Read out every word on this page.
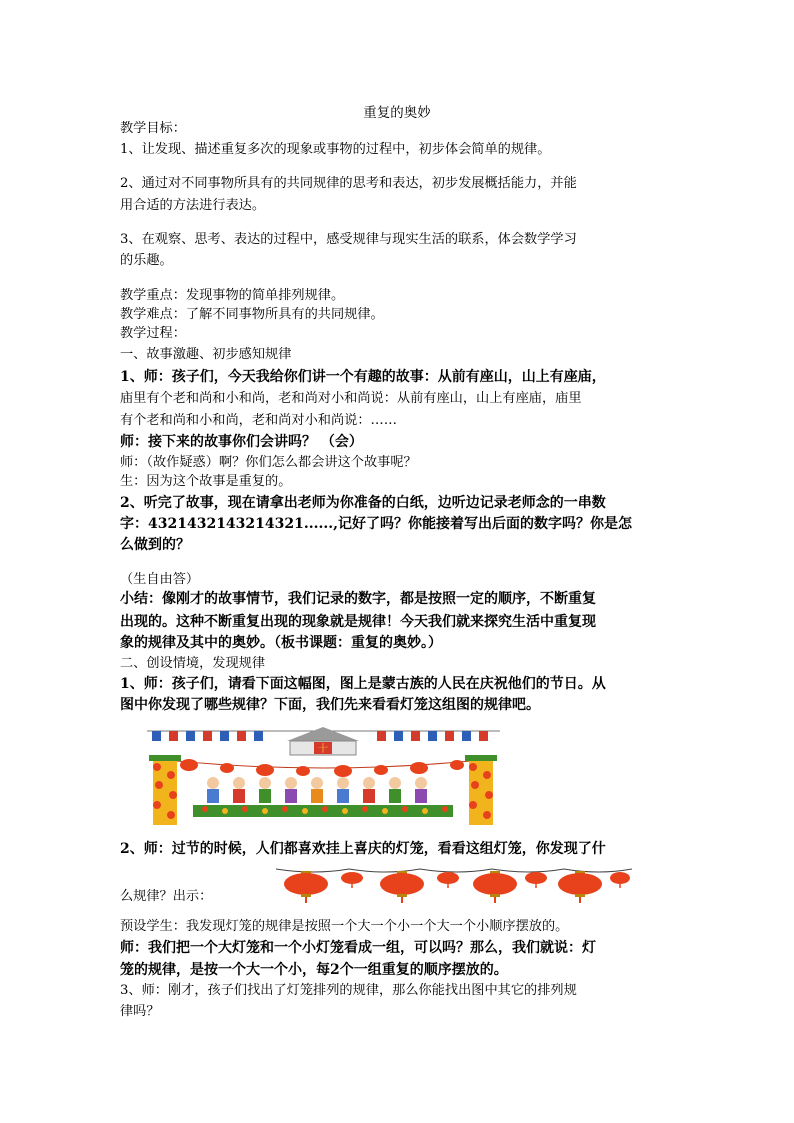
重复的奥妙
教学目标：
1、让发现、描述重复多次的现象或事物的过程中，初步体会简单的规律。
2、通过对不同事物所具有的共同规律的思考和表达，初步发展概括能力，并能
用合适的方法进行表达。
3、在观察、思考、表达的过程中，感受规律与现实生活的联系，体会数学学习
的乐趣。
教学重点：发现事物的简单排列规律。
教学难点：了解不同事物所具有的共同规律。
教学过程：
一、故事激趣、初步感知规律
1、师：孩子们，今天我给你们讲一个有趣的故事：从前有座山，山上有座庙，
庙里有个老和尚和小和尚，老和尚对小和尚说：从前有座山，山上有座庙，庙里
有个老和尚和小和尚，老和尚对小和尚说：……
师：接下来的故事你们会讲吗？ （会）
师：（故作疑惑）啊？你们怎么都会讲这个故事呢？
生：因为这个故事是重复的。
2、听完了故事，现在请拿出老师为你准备的白纸，边听边记录老师念的一串数
字：4321432143214321......,记好了吗？你能接着写出后面的数字吗？你是怎
么做到的？
（生自由答）
小结：像刚才的故事情节，我们记录的数字，都是按照一定的顺序，不断重复
出现的。这种不断重复出现的现象就是规律！今天我们就来探究生活中重复现
象的规律及其中的奥妙。（板书课题：重复的奥妙。）
二、创设情境，发现规律
1、师：孩子们，请看下面这幅图，图上是蒙古族的人民在庆祝他们的节日。从
图中你发现了哪些规律？下面，我们先来看看灯笼这组图的规律吧。
十
2、师：过节的时候，人们都喜欢挂上喜庆的灯笼，看看这组灯笼，你发现了什
么规律？出示：
预设学生：我发现灯笼的规律是按照一个大一个小一个大一个小顺序摆放的。
师：我们把一个大灯笼和一个小灯笼看成一组，可以吗？那么，我们就说：灯
笼的规律，是按一个大一个小，每2个一组重复的顺序摆放的。
3、师：刚才，孩子们找出了灯笼排列的规律，那么你能找出图中其它的排列规
律吗？
